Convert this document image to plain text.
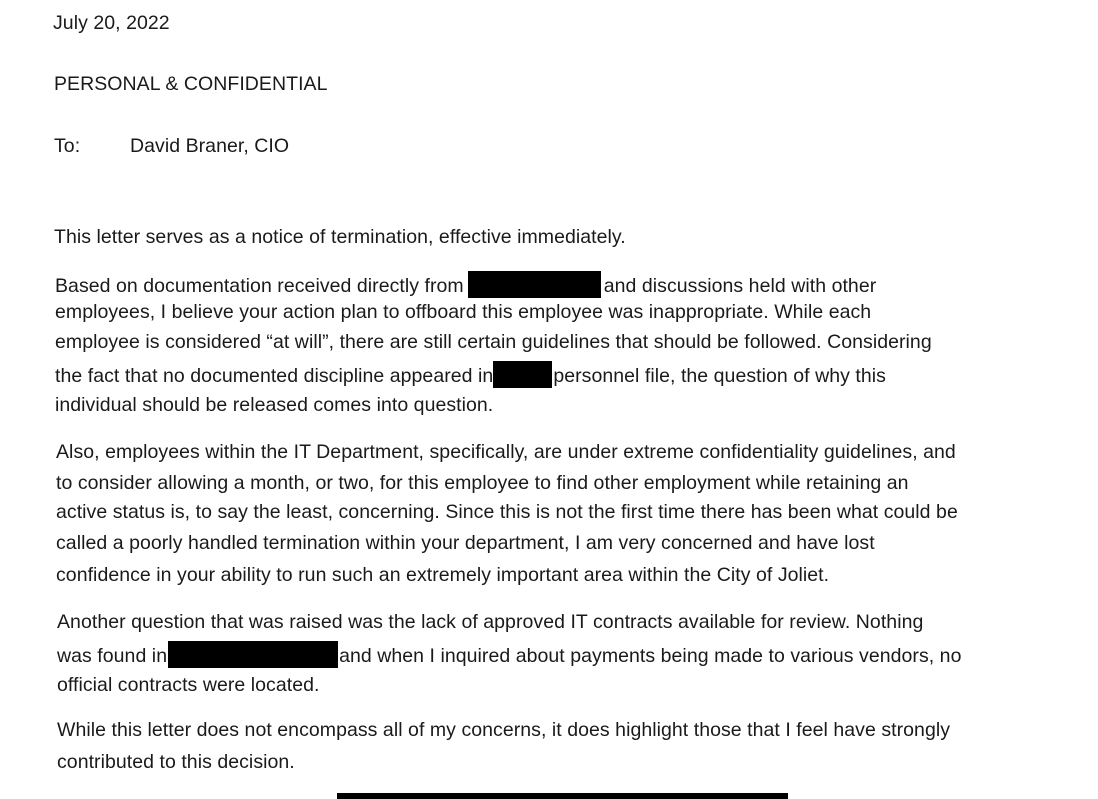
July 20, 2022
PERSONAL & CONFIDENTIAL
To:	David Braner, CIO
This letter serves as a notice of termination, effective immediately.
Based on documentation received directly from	and discussions held with other
employees, I believe your action plan to offboard this employee was inappropriate. While each
employee is considered “at will”, there are still certain guidelines that should be followed. Considering
the fact that no documented discipline appeared in	personnel file, the question of why this
individual should be released comes into question.
Also, employees within the IT Department, specifically, are under extreme confidentiality guidelines, and
to consider allowing a month, or two, for this employee to find other employment while retaining an
active status is, to say the least, concerning. Since this is not the first time there has been what could be
called a poorly handled termination within your department, I am very concerned and have lost
confidence in your ability to run such an extremely important area within the City of Joliet.
Another question that was raised was the lack of approved IT contracts available for review. Nothing
was found in	and when I inquired about payments being made to various vendors, no
official contracts were located.
While this letter does not encompass all of my concerns, it does highlight those that I feel have strongly
contributed to this decision.
